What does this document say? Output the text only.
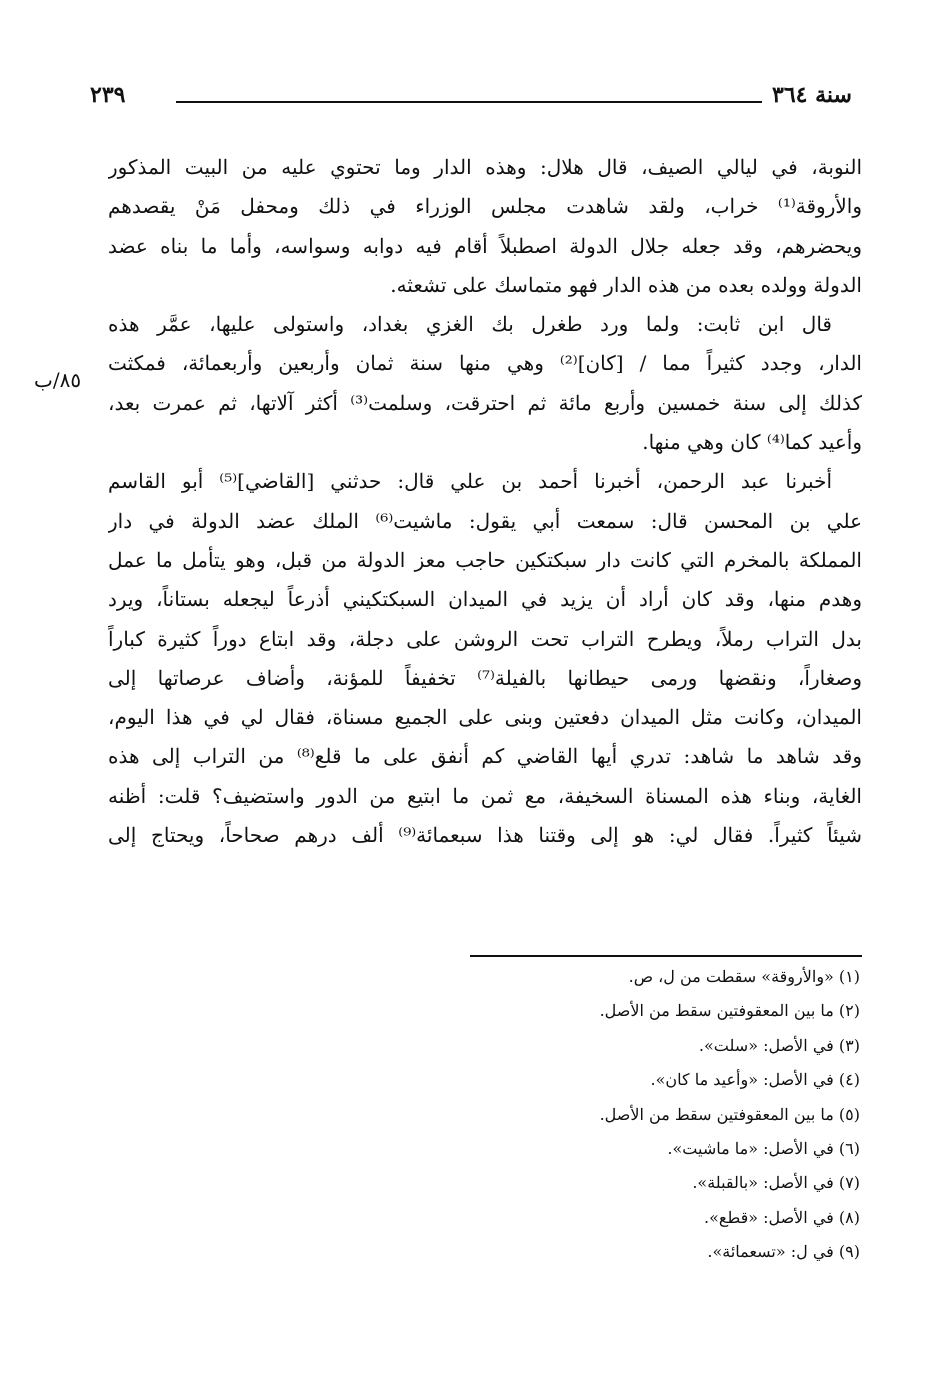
سنة ٣٦٤
٢٣٩
٨٥/ب
النوبة، في ليالي الصيف، قال هلال: وهذه الدار وما تحتوي عليه من البيت المذكور
والأروقة⁽¹⁾ خراب، ولقد شاهدت مجلس الوزراء في ذلك ومحفل مَنْ يقصدهم
ويحضرهم، وقد جعله جلال الدولة اصطبلاً أقام فيه دوابه وسواسه، وأما ما بناه عضد
الدولة وولده بعده من هذه الدار فهو متماسك على تشعثه.
قال ابن ثابت: ولما ورد طغرل بك الغزي بغداد، واستولى عليها، عمَّر هذه
الدار، وجدد كثيراً مما / [كان]⁽²⁾ وهي منها سنة ثمان وأربعين وأربعمائة، فمكثت
كذلك إلى سنة خمسين وأربع مائة ثم احترقت، وسلمت⁽³⁾ أكثر آلاتها، ثم عمرت بعد،
وأعيد كما⁽⁴⁾ كان وهي منها.
أخبرنا عبد الرحمن، أخبرنا أحمد بن علي قال: حدثني [القاضي]⁽⁵⁾ أبو القاسم
علي بن المحسن قال: سمعت أبي يقول: ماشيت⁽⁶⁾ الملك عضد الدولة في دار
المملكة بالمخرم التي كانت دار سبكتكين حاجب معز الدولة من قبل، وهو يتأمل ما عمل
وهدم منها، وقد كان أراد أن يزيد في الميدان السبكتكيني أذرعاً ليجعله بستاناً، ويرد
بدل التراب رملاً، ويطرح التراب تحت الروشن على دجلة، وقد ابتاع دوراً كثيرة كباراً
وصغاراً، ونقضها ورمى حيطانها بالفيلة⁽⁷⁾ تخفيفاً للمؤنة، وأضاف عرصاتها إلى
الميدان، وكانت مثل الميدان دفعتين وبنى على الجميع مسناة، فقال لي في هذا اليوم،
وقد شاهد ما شاهد: تدري أيها القاضي كم أنفق على ما قلع⁽⁸⁾ من التراب إلى هذه
الغاية، وبناء هذه المسناة السخيفة، مع ثمن ما ابتيع من الدور واستضيف؟ قلت: أظنه
شيئاً كثيراً. فقال لي: هو إلى وقتنا هذا سبعمائة⁽⁹⁾ ألف درهم صحاحاً، ويحتاج إلى
(١) «والأروقة» سقطت من ل، ص.
(٢) ما بين المعقوفتين سقط من الأصل.
(٣) في الأصل: «سلت».
(٤) في الأصل: «وأعيد ما كان».
(٥) ما بين المعقوفتين سقط من الأصل.
(٦) في الأصل: «ما ماشيت».
(٧) في الأصل: «بالقبلة».
(٨) في الأصل: «قطع».
(٩) في ل: «تسعمائة».
